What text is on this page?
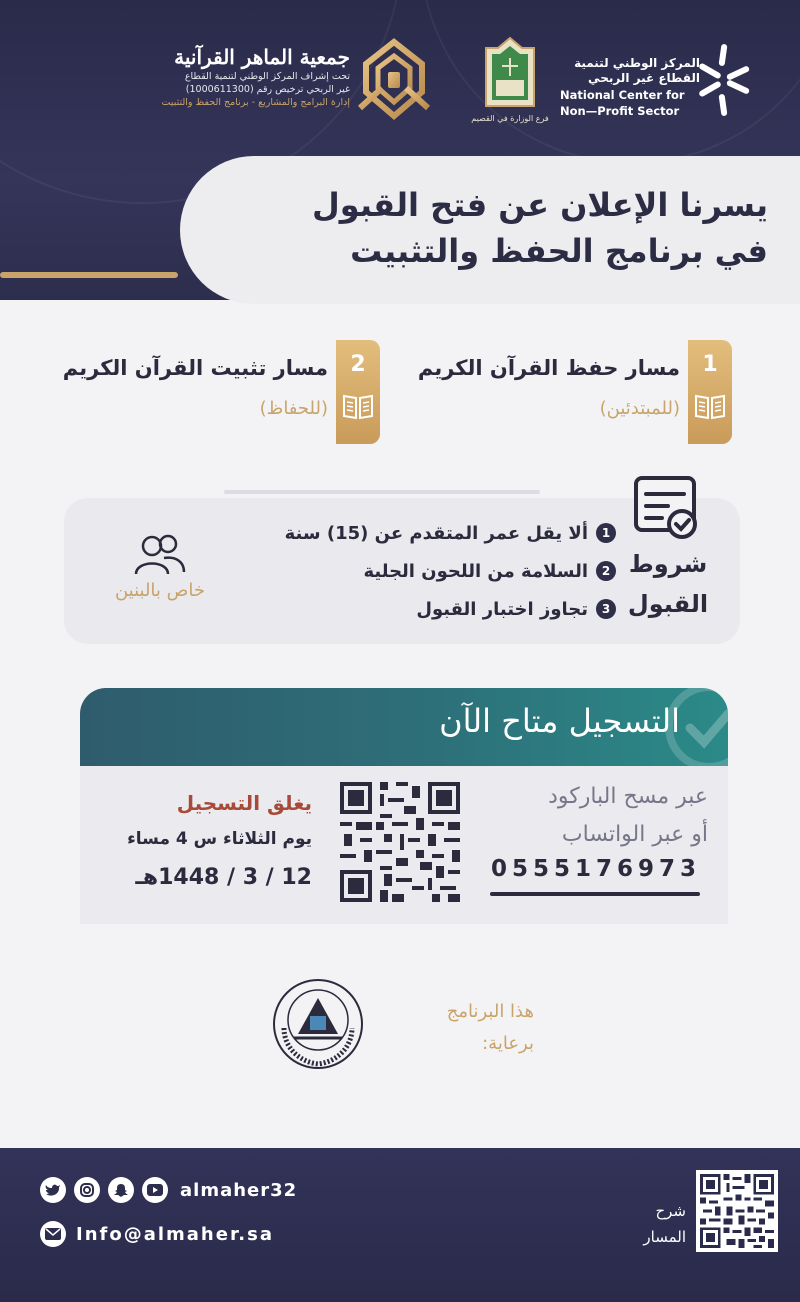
المركز الوطني لتنمية
القطاع غير الربحي
National Center for
Non—Profit Sector
فرع الوزارة في القصيم
جمعية الماهر القرآنية
تحت إشراف المركز الوطني لتنمية القطاع
غير الربحي ترخيص رقم (1000611300)
إدارة البرامج والمشاريع - برنامج الحفظ والتثبيت
يسرنا الإعلان عن فتح القبول
في برنامج الحفظ والتثبيت
1
مسار حفظ القرآن الكريم
(للمبتدئين)
2
مسار تثبيت القرآن الكريم
(للحفاظ)
شروط
القبول
1
ألا يقل عمر المتقدم عن (15) سنة
2
السلامة من اللحون الجلية
3
تجاوز اختبار القبول
خاص بالبنين
التسجيل متاح الآن
عبر مسح الباركود
أو عبر الواتساب
0555176973
يغلق التسجيل
يوم الثلاثاء س 4 مساء
12 / 3 / 1448هـ
هذا البرنامج
برعاية:
almaher32
Info@almaher.sa
شرح
المسار
